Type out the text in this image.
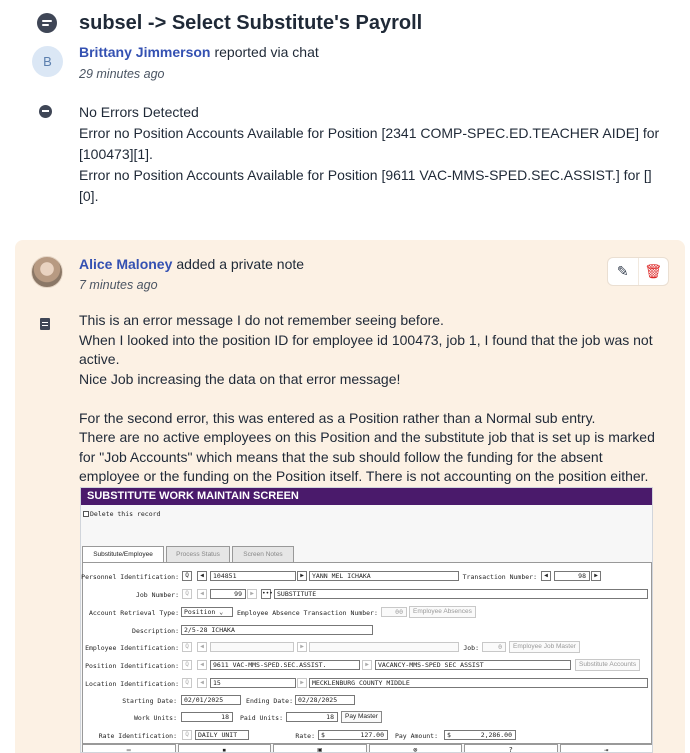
subsel -> Select Substitute's Payroll
B
Brittany Jimmerson reported via chat
29 minutes ago

No Errors Detected

Error no Position Accounts Available for Position [2341 COMP-SPEC.ED.TEACHER AIDE] for [100473][1].

Error no Position Accounts Available for Position [9611 VAC-MMS-SPED.SEC.ASSIST.] for [][0].

Alice Maloney added a private note
7 minutes ago
✎	🗑

This is an error message I do not remember seeing before.

When I looked into the position ID for employee id 100473, job 1, I found that the job was not active.

Nice Job increasing the data on that error message!

For the second error, this was entered as a Position rather than a Normal sub entry.

There are no active employees on this Position and the substitute job that is set up is marked for "Job Accounts" which means that the sub should follow the funding for the absent employee or the funding on the Position itself. There is not accounting on the position either.

SUBSTITUTE WORK MAINTAIN SCREEN
Delete this record
Substitute/Employee	Process Status	Screen Notes
Personnel Identification:	Q	◀	104851	▶	YANN MEL ICHAKA	Transaction Number:	◀	98	▶
Job Number:	Q	◀	99	▶	••• SUBSTITUTE
Account Retrieval Type: Position ⌄	Employee Absence Transaction Number:	00	Employee Absences
Description: 2/5-28 ICHAKA
Employee Identification:	Q	◀	▶	Job:	0	Employee Job Master
Position Identification:	Q	◀	9611 VAC-MMS-SPED.SEC.ASSIST.	▶	VACANCY-MMS-SPED SEC ASSIST	Substitute Accounts
Location Identification:	Q	◀	15	▶	MECKLENBURG COUNTY MIDDLE
Starting Date:	02/01/2025	Ending Date: 02/28/2025
Work Units:	18	Paid Units:	18	Pay Master
Rate Identification:	Q	DAILY UNIT	Rate: $	127.00	Pay Amount:	$	2,286.00
▬	▪	▣	⊗	?	⇥
